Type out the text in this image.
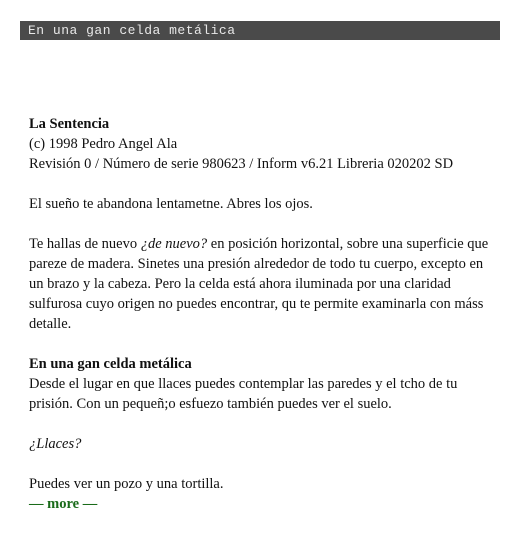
En una gan celda metálica

La Sentencia

(c) 1998 Pedro Angel Ala

Revisión 0 / Número de serie 980623 / Inform v6.21 Libreria 020202 SD

El sueño te abandona lentametne. Abres los ojos.

Te hallas de nuevo ¿de nuevo? en posición horizontal, sobre una superficie que pareze de madera. Sinetes una presión alrededor de todo tu cuerpo, excepto en un brazo y la cabeza. Pero la celda está ahora iluminada por una claridad sulfurosa cuyo origen no puedes encontrar, qu te permite examinarla con máss detalle.

En una gan celda metálica

Desde el lugar en que llaces puedes contemplar las paredes y el tcho de tu prisión. Con un pequeñ;o esfuezo también puedes ver el suelo.

¿Llaces?

Puedes ver un pozo y una tortilla.

— more —
